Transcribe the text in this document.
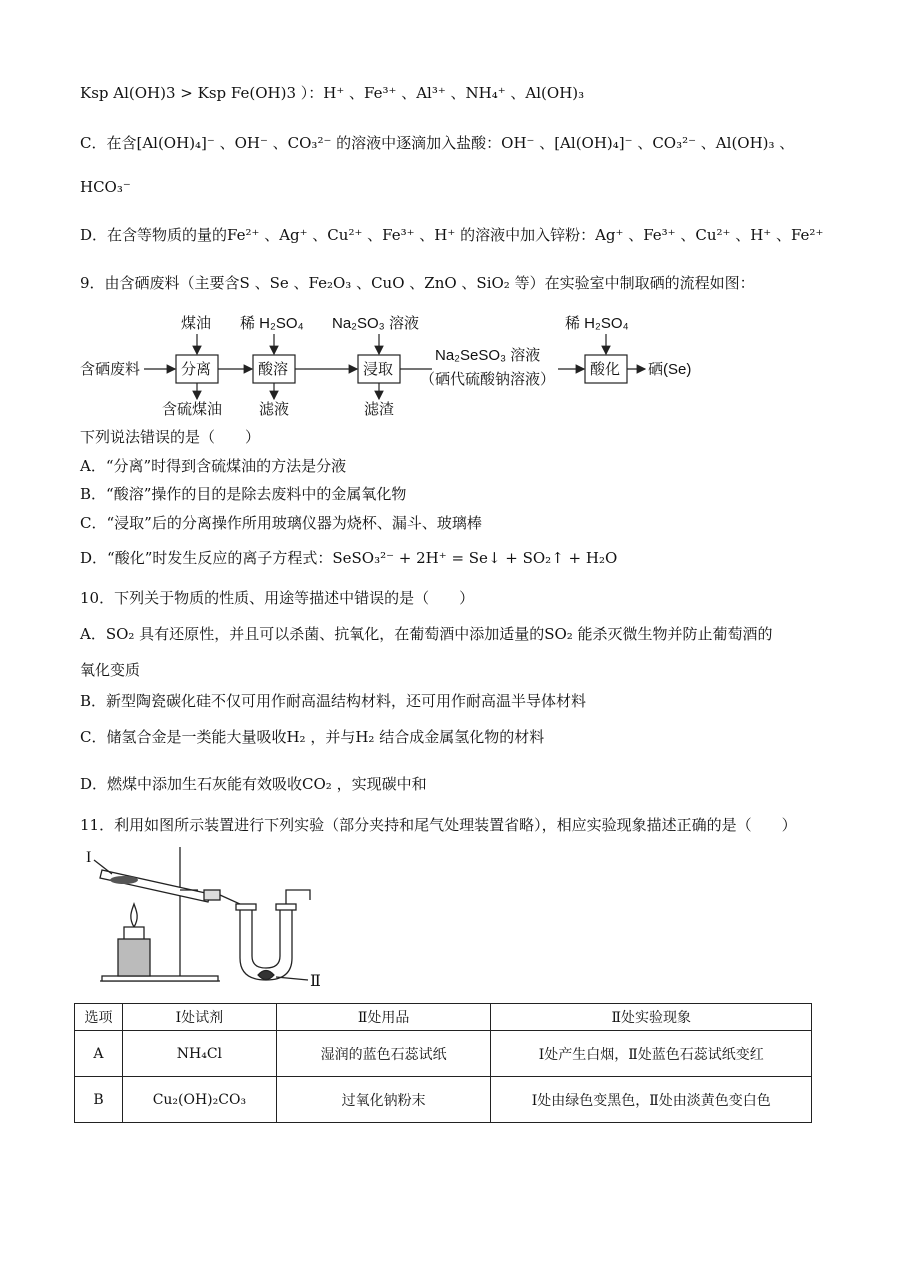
Ksp Al(OH)3 > Ksp Fe(OH)3 ）：H⁺ 、Fe³⁺ 、Al³⁺ 、NH₄⁺ 、Al(OH)₃
C．在含[Al(OH)₄]⁻ 、OH⁻ 、CO₃²⁻ 的溶液中逐滴加入盐酸：OH⁻ 、[Al(OH)₄]⁻ 、CO₃²⁻ 、Al(OH)₃ 、
HCO₃⁻
D．在含等物质的量的Fe²⁺ 、Ag⁺ 、Cu²⁺ 、Fe³⁺ 、H⁺ 的溶液中加入锌粉：Ag⁺ 、Fe³⁺ 、Cu²⁺ 、H⁺ 、Fe²⁺
9．由含硒废料（主要含S 、Se 、Fe₂O₃ 、CuO 、ZnO 、SiO₂ 等）在实验室中制取硒的流程如图：
含硒废料	分离	酸溶	浸取
Na₂SeSO₃ 溶液
（硒代硫酸钠溶液）
酸化 硒(Se)
煤油 稀 H₂SO₄ Na₂SO₃ 溶液	稀 H₂SO₄
含硫煤油 滤液	滤渣
下列说法错误的是（　　）
A．“分离”时得到含硫煤油的方法是分液
B．“酸溶”操作的目的是除去废料中的金属氧化物
C．“浸取”后的分离操作所用玻璃仪器为烧杯、漏斗、玻璃棒
D．“酸化”时发生反应的离子方程式：SeSO₃²⁻ + 2H⁺ = Se↓ + SO₂↑ + H₂O
10．下列关于物质的性质、用途等描述中错误的是（　　）
A．SO₂ 具有还原性，并且可以杀菌、抗氧化，在葡萄酒中添加适量的SO₂ 能杀灭微生物并防止葡萄酒的
氧化变质
B．新型陶瓷碳化硅不仅可用作耐高温结构材料，还可用作耐高温半导体材料
C．储氢合金是一类能大量吸收H₂ ，并与H₂ 结合成金属氢化物的材料
D．燃煤中添加生石灰能有效吸收CO₂ ，实现碳中和
11．利用如图所示装置进行下列实验（部分夹持和尾气处理装置省略），相应实验现象描述正确的是（　　）
I
Ⅱ
选项	I处试剂	Ⅱ处用品	Ⅱ处实验现象
A	NH₄Cl	湿润的蓝色石蕊试纸	I处产生白烟，Ⅱ处蓝色石蕊试纸变红
B	Cu₂(OH)₂CO₃	过氧化钠粉末	I处由绿色变黑色，Ⅱ处由淡黄色变白色
